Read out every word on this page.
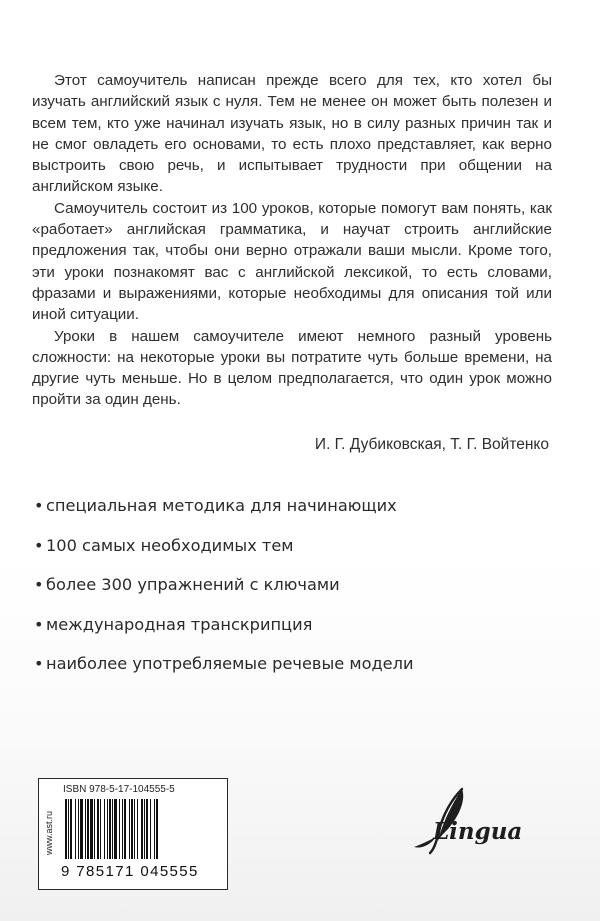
Этот самоучитель написан прежде всего для тех, кто хотел бы изучать английский язык с нуля. Тем не менее он может быть полезен и всем тем, кто уже начинал изучать язык, но в силу разных причин так и не смог овладеть его основами, то есть плохо представляет, как верно выстроить свою речь, и испытывает трудности при общении на английском языке.

Самоучитель состоит из 100 уроков, которые помогут вам понять, как «работает» английская грамматика, и научат строить английские предложения так, чтобы они верно отражали ваши мысли. Кроме того, эти уроки познакомят вас с английской лексикой, то есть словами, фразами и выражениями, которые необходимы для описания той или иной ситуации.

Уроки в нашем самоучителе имеют немного разный уровень сложности: на некоторые уроки вы потратите чуть больше времени, на другие чуть меньше. Но в целом предполагается, что один урок можно пройти за один день.

И. Г. Дубиковская, Т. Г. Войтенко
• специальная методика для начинающих
• 100 самых необходимых тем
• более 300 упражнений с ключами
• международная транскрипция
• наиболее употребляемые речевые модели
www.ast.ru
ISBN 978-5-17-104555-5
9 785171 045555
Lingua
